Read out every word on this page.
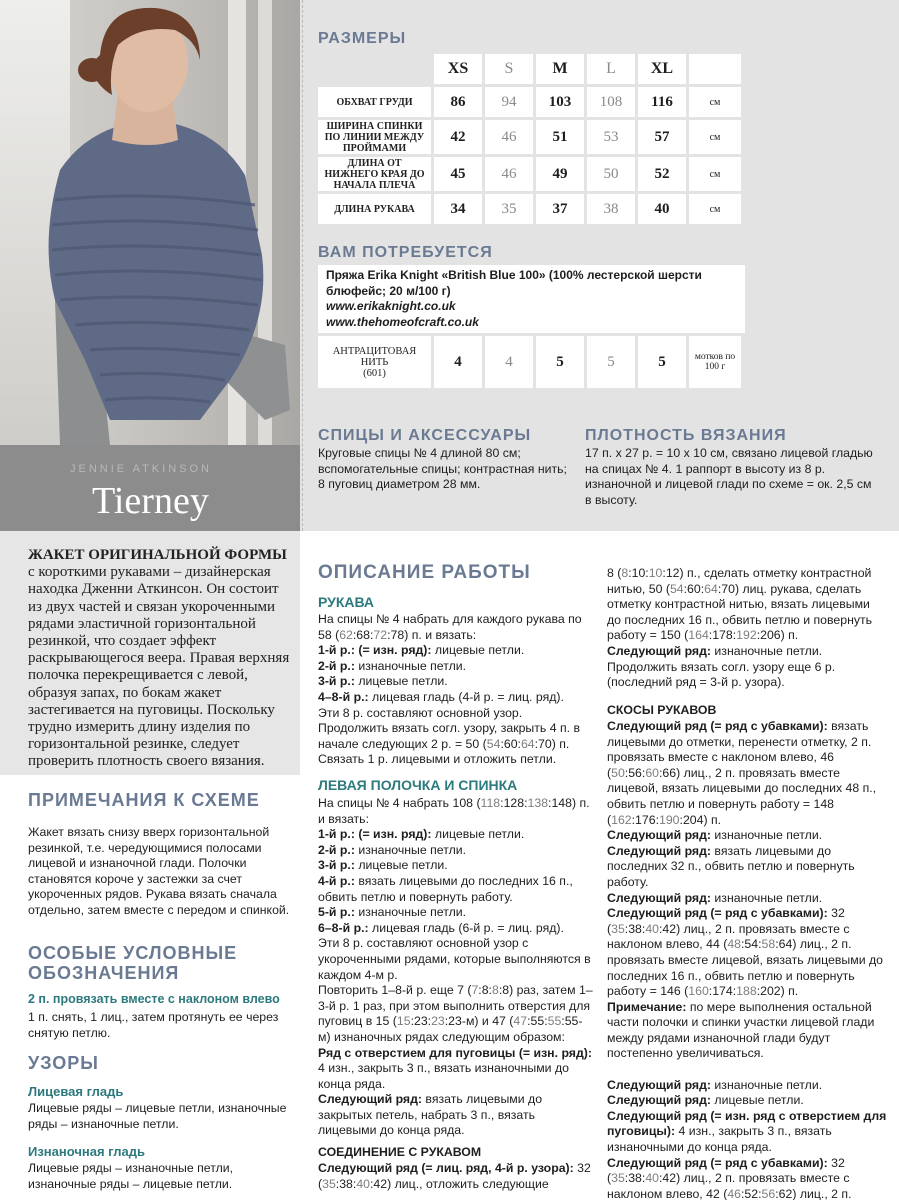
JENNIE ATKINSON
Tierney
РАЗМЕРЫ
	XS	S	M	L	XL	
ОБХВАТ ГРУДИ	86	94	103	108	116	см
ШИРИНА СПИНКИ ПО ЛИНИИ МЕЖДУ ПРОЙМАМИ	42	46	51	53	57	см
ДЛИНА ОТ НИЖНЕГО КРАЯ ДО НАЧАЛА ПЛЕЧА	45	46	49	50	52	см
ДЛИНА РУКАВА	34	35	37	38	40	см
ВАМ ПОТРЕБУЕТСЯ
Пряжа Erika Knight «British Blue 100» (100% лестерской шерсти блюфейс; 20 м/100 г)
www.erikaknight.co.uk
www.thehomeofcraft.co.uk
АНТРАЦИТОВАЯ НИТЬ
(601)	4	4	5	5	5	мотков по 100 г
СПИЦЫ И АКСЕССУАРЫ
Круговые спицы № 4 длиной 80 см; вспомогательные спицы; контрастная нить; 8 пуговиц диаметром 28 мм.
ПЛОТНОСТЬ ВЯЗАНИЯ
17 п. х 27 р. = 10 х 10 см, связано лицевой гладью на спицах № 4. 1 раппорт в высоту из 8 р. изнаночной и лицевой глади по схеме = ок. 2,5 см в высоту.
ЖАКЕТ ОРИГИНАЛЬНОЙ ФОРМЫ с короткими рукавами – дизайнерская находка Дженни Аткинсон. Он состоит из двух частей и связан укороченными рядами эластичной горизонтальной резинкой, что создает эффект раскрывающегося веера. Правая верхняя полочка перекрещивается с левой, образуя запах, по бокам жакет застегивается на пуговицы. Поскольку трудно измерить длину изделия по горизонтальной резинке, следует проверить плотность своего вязания.
ПРИМЕЧАНИЯ К СХЕМЕ
Жакет вязать снизу вверх горизонтальной резинкой, т.е. чередующимися полосами лицевой и изнаночной глади. Полочки становятся короче у застежки за счет укороченных рядов. Рукава вязать сначала отдельно, затем вместе с передом и спинкой.
ОСОБЫЕ УСЛОВНЫЕ ОБОЗНАЧЕНИЯ
2 п. провязать вместе с наклоном влево
1 п. снять, 1 лиц., затем протянуть ее через снятую петлю.
УЗОРЫ
Лицевая гладь
Лицевые ряды – лицевые петли, изнаночные ряды – изнаночные петли.
Изнаночная гладь
Лицевые ряды – изнаночные петли, изнаночные ряды – лицевые петли.
ОПИСАНИЕ РАБОТЫ
РУКАВА
На спицы № 4 набрать для каждого рукава по 58 (62:68:72:78) п. и вязать:
1-й р.: (= изн. ряд): лицевые петли.
2-й р.: изнаночные петли.
3-й р.: лицевые петли.
4–8-й р.: лицевая гладь (4-й р. = лиц. ряд).
Эти 8 р. составляют основной узор.
Продолжить вязать согл. узору, закрыть 4 п. в начале следующих 2 р. = 50 (54:60:64:70) п.
Связать 1 р. лицевыми и отложить петли.
ЛЕВАЯ ПОЛОЧКА И СПИНКА
На спицы № 4 набрать 108 (118:128:138:148) п. и вязать:
1-й р.: (= изн. ряд): лицевые петли.
2-й р.: изнаночные петли.
3-й р.: лицевые петли.
4-й р.: вязать лицевыми до последних 16 п., обвить петлю и повернуть работу.
5-й р.: изнаночные петли.
6–8-й р.: лицевая гладь (6-й р. = лиц. ряд).
Эти 8 р. составляют основной узор с укороченными рядами, которые выполняются в каждом 4-м р.
Повторить 1–8-й р. еще 7 (7:8:8:8) раз, затем 1–3-й р. 1 раз, при этом выполнить отверстия для пуговиц в 15 (15:23:23:23-м) и 47 (47:55:55:55-м) изнаночных рядах следующим образом:
Ряд с отверстием для пуговицы (= изн. ряд): 4 изн., закрыть 3 п., вязать изнаночными до конца ряда.
Следующий ряд: вязать лицевыми до закрытых петель, набрать 3 п., вязать лицевыми до конца ряда.
СОЕДИНЕНИЕ С РУКАВОМ
Следующий ряд (= лиц. ряд, 4-й р. узора): 32 (35:38:40:42) лиц., отложить следующие
8 (8:10:10:12) п., сделать отметку контрастной нитью, 50 (54:60:64:70) лиц. рукава, сделать отметку контрастной нитью, вязать лицевыми до последних 16 п., обвить петлю и повернуть работу = 150 (164:178:192:206) п.
Следующий ряд: изнаночные петли.
Продолжить вязать согл. узору еще 6 р. (последний ряд = 3-й р. узора).
СКОСЫ РУКАВОВ
Следующий ряд (= ряд с убавками): вязать лицевыми до отметки, перенести отметку, 2 п. провязать вместе с наклоном влево, 46 (50:56:60:66) лиц., 2 п. провязать вместе лицевой, вязать лицевыми до последних 48 п., обвить петлю и повернуть работу = 148 (162:176:190:204) п.
Следующий ряд: изнаночные петли.
Следующий ряд: вязать лицевыми до последних 32 п., обвить петлю и повернуть работу.
Следующий ряд: изнаночные петли.
Следующий ряд (= ряд с убавками): 32 (35:38:40:42) лиц., 2 п. провязать вместе с наклоном влево, 44 (48:54:58:64) лиц., 2 п. провязать вместе лицевой, вязать лицевыми до последних 16 п., обвить петлю и повернуть работу = 146 (160:174:188:202) п.
Примечание: по мере выполнения остальной части полочки и спинки участки лицевой глади между рядами изнаночной глади будут постепенно увеличиваться.

Следующий ряд: изнаночные петли.
Следующий ряд: лицевые петли.
Следующий ряд (= изн. ряд с отверстием для пуговицы): 4 изн., закрыть 3 п., вязать изнаночными до конца ряда.
Следующий ряд (= ряд с убавками): 32 (35:38:40:42) лиц., 2 п. провязать вместе с наклоном влево, 42 (46:52:56:62) лиц., 2 п.
